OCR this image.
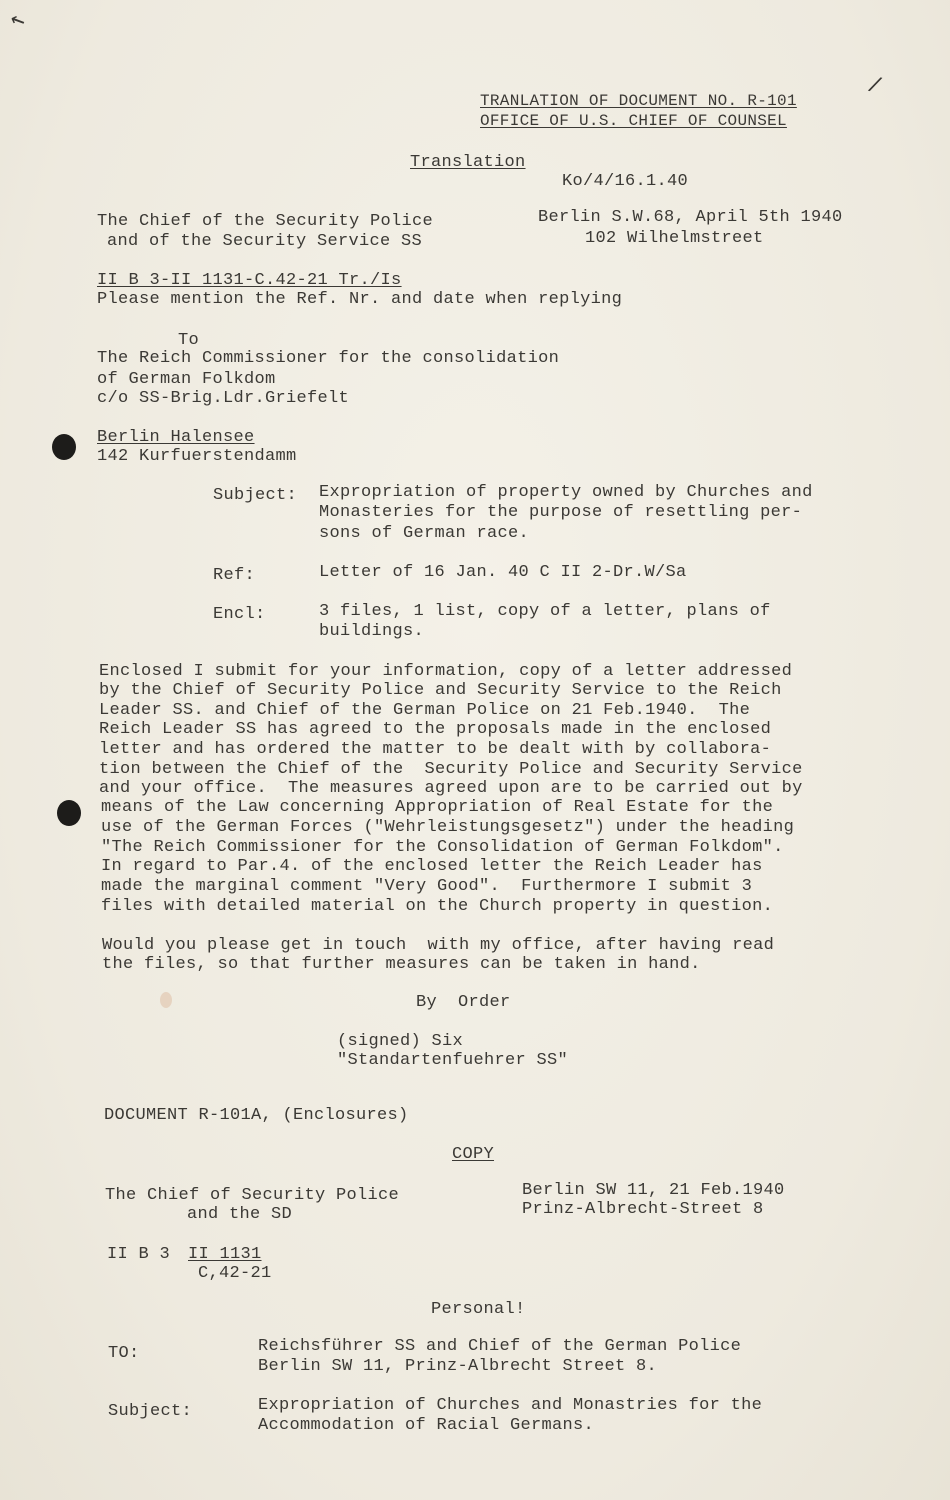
↖
/
TRANLATION OF DOCUMENT NO. R-101
OFFICE OF U.S. CHIEF OF COUNSEL
Translation
Ko/4/16.1.40
The Chief of the Security Police
and of the Security Service SS
Berlin S.W.68, April 5th 1940
102 Wilhelmstreet
II B 3-II 1131-C.42-21 Tr./Is
Please mention the Ref. Nr. and date when replying
To
The Reich Commissioner for the consolidation
of German Folkdom
c/o SS-Brig.Ldr.Griefelt
Berlin Halensee
142 Kurfuerstendamm
Subject: Expropriation of property owned by Churches and
Monasteries for the purpose of resettling per-
sons of German race.
Ref:	Letter of 16 Jan. 40 C II 2-Dr.W/Sa
Encl:	3 files, 1 list, copy of a letter, plans of
buildings.
Enclosed I submit for your information, copy of a letter addressed
by the Chief of Security Police and Security Service to the Reich
Leader SS. and Chief of the German Police on 21 Feb.1940.  The
Reich Leader SS has agreed to the proposals made in the enclosed
letter and has ordered the matter to be dealt with by collabora-
tion between the Chief of the  Security Police and Security Service
and your office.  The measures agreed upon are to be carried out by
means of the Law concerning Appropriation of Real Estate for the
use of the German Forces ("Wehrleistungsgesetz") under the heading
"The Reich Commissioner for the Consolidation of German Folkdom".
In regard to Par.4. of the enclosed letter the Reich Leader has
made the marginal comment "Very Good".  Furthermore I submit 3
files with detailed material on the Church property in question.
Would you please get in touch  with my office, after having read
the files, so that further measures can be taken in hand.
By  Order
(signed) Six
"Standartenfuehrer SS"
DOCUMENT R-101A, (Enclosures)
COPY
The Chief of Security Police
and the SD
Berlin SW 11, 21 Feb.1940
Prinz-Albrecht-Street 8
II B 3 II 1131
C,42-21
Personal!
TO:	Reichsführer SS and Chief of the German Police
Berlin SW 11, Prinz-Albrecht Street 8.
Subject:	Expropriation of Churches and Monastries for the
Accommodation of Racial Germans.
